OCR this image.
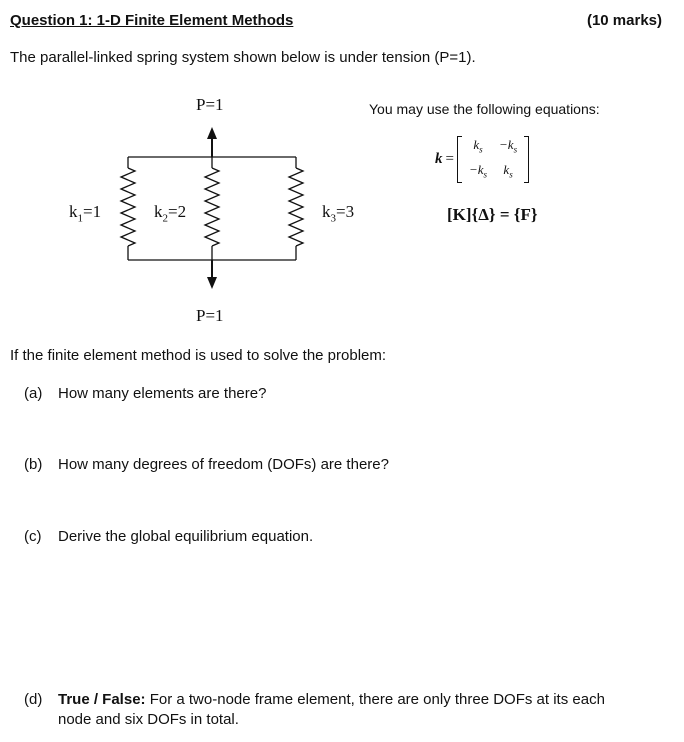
Question 1: 1-D Finite Element Methods	(10 marks)
The parallel-linked spring system shown below is under tension (P=1).
P=1
P=1
$k_1=1$	$k_2=2$	$k_3=3$
You may use the following equations:
k =
$k_s$	$-k_s$
$-k_s$	$k_s$
[K]{Δ} = {F}
If the finite element method is used to solve the problem:
(a) How many elements are there?
(b) How many degrees of freedom (DOFs) are there?
(c) Derive the global equilibrium equation.
(d) True / False: For a two-node frame element, there are only three DOFs at its each
node and six DOFs in total.
